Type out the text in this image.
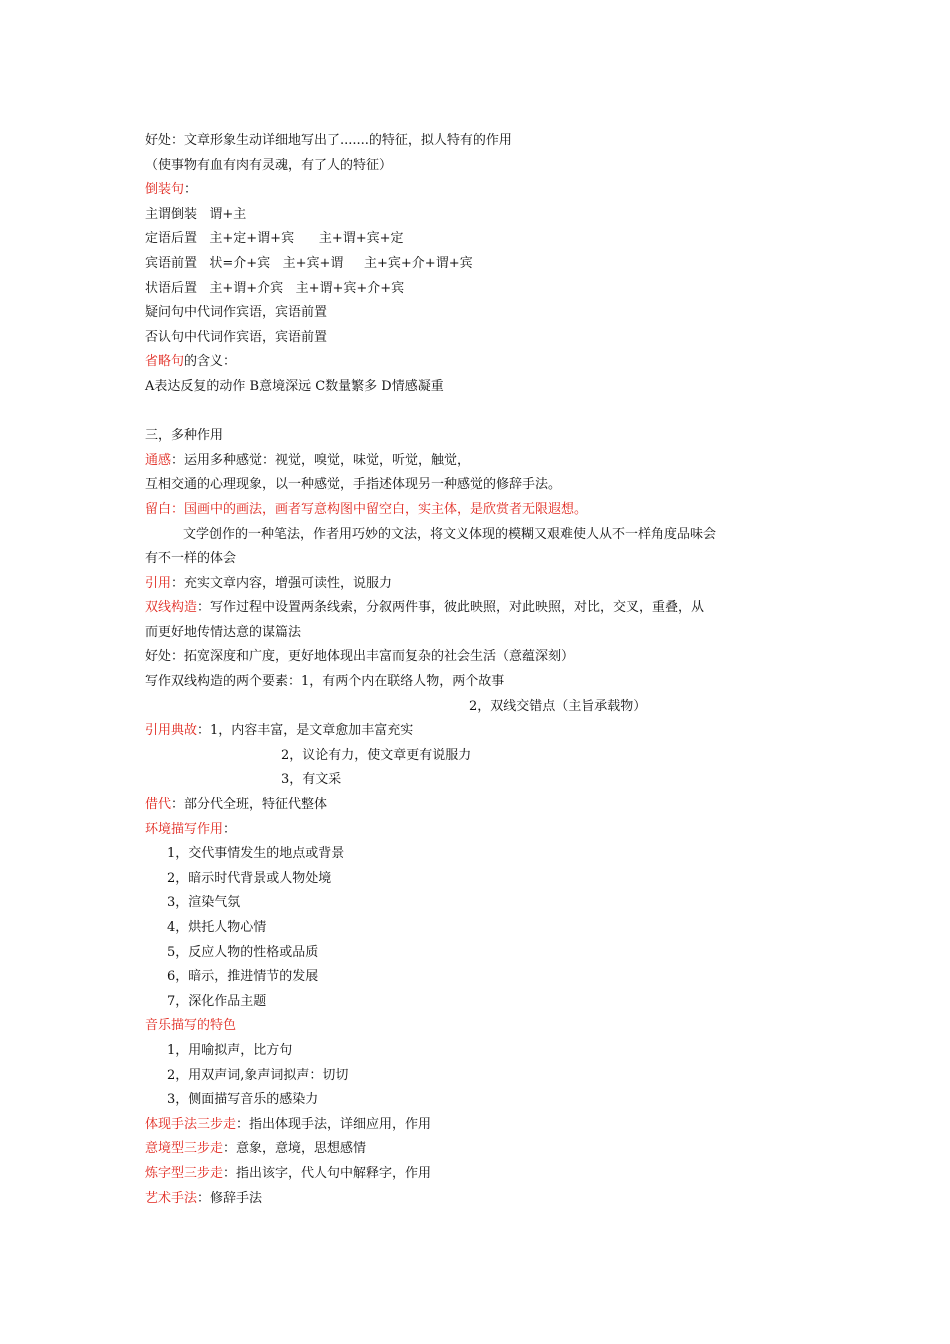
好处：文章形象生动详细地写出了.......的特征，拟人特有的作用
（使事物有血有肉有灵魂，有了人的特征）
倒装句：
主谓倒装   谓+主
定语后置   主+定+谓+宾      主+谓+宾+定
宾语前置   状=介+宾   主+宾+谓     主+宾+介+谓+宾
状语后置   主+谓+介宾   主+谓+宾+介+宾
疑问句中代词作宾语，宾语前置
否认句中代词作宾语，宾语前置
省略句的含义：
A表达反复的动作 B意境深远 C数量繁多 D情感凝重
三，多种作用
通感：运用多种感觉：视觉，嗅觉，味觉，听觉，触觉，
互相交通的心理现象，以一种感觉，手指述体现另一种感觉的修辞手法。
留白：国画中的画法，画者写意构图中留空白，实主体，是欣赏者无限遐想。
文学创作的一种笔法，作者用巧妙的文法，将文义体现的模糊又艰难使人从不一样角度品味会
有不一样的体会
引用：充实文章内容，增强可读性，说服力
双线构造：写作过程中设置两条线索，分叙两件事，彼此映照，对此映照，对比，交叉，重叠，从
而更好地传情达意的谋篇法
好处：拓宽深度和广度，更好地体现出丰富而复杂的社会生活（意蕴深刻）
写作双线构造的两个要素：1，有两个内在联络人物，两个故事
2，双线交错点（主旨承载物）
引用典故：1，内容丰富，是文章愈加丰富充实
2，议论有力，使文章更有说服力
3，有文采
借代：部分代全班，特征代整体
环境描写作用：
1，交代事情发生的地点或背景
2，暗示时代背景或人物处境
3，渲染气氛
4，烘托人物心情
5，反应人物的性格或品质
6，暗示，推进情节的发展
7，深化作品主题
音乐描写的特色
1，用喻拟声，比方句
2，用双声词,象声词拟声：切切
3，侧面描写音乐的感染力
体现手法三步走：指出体现手法，详细应用，作用
意境型三步走：意象，意境，思想感情
炼字型三步走：指出该字，代人句中解释字，作用
艺术手法：修辞手法
